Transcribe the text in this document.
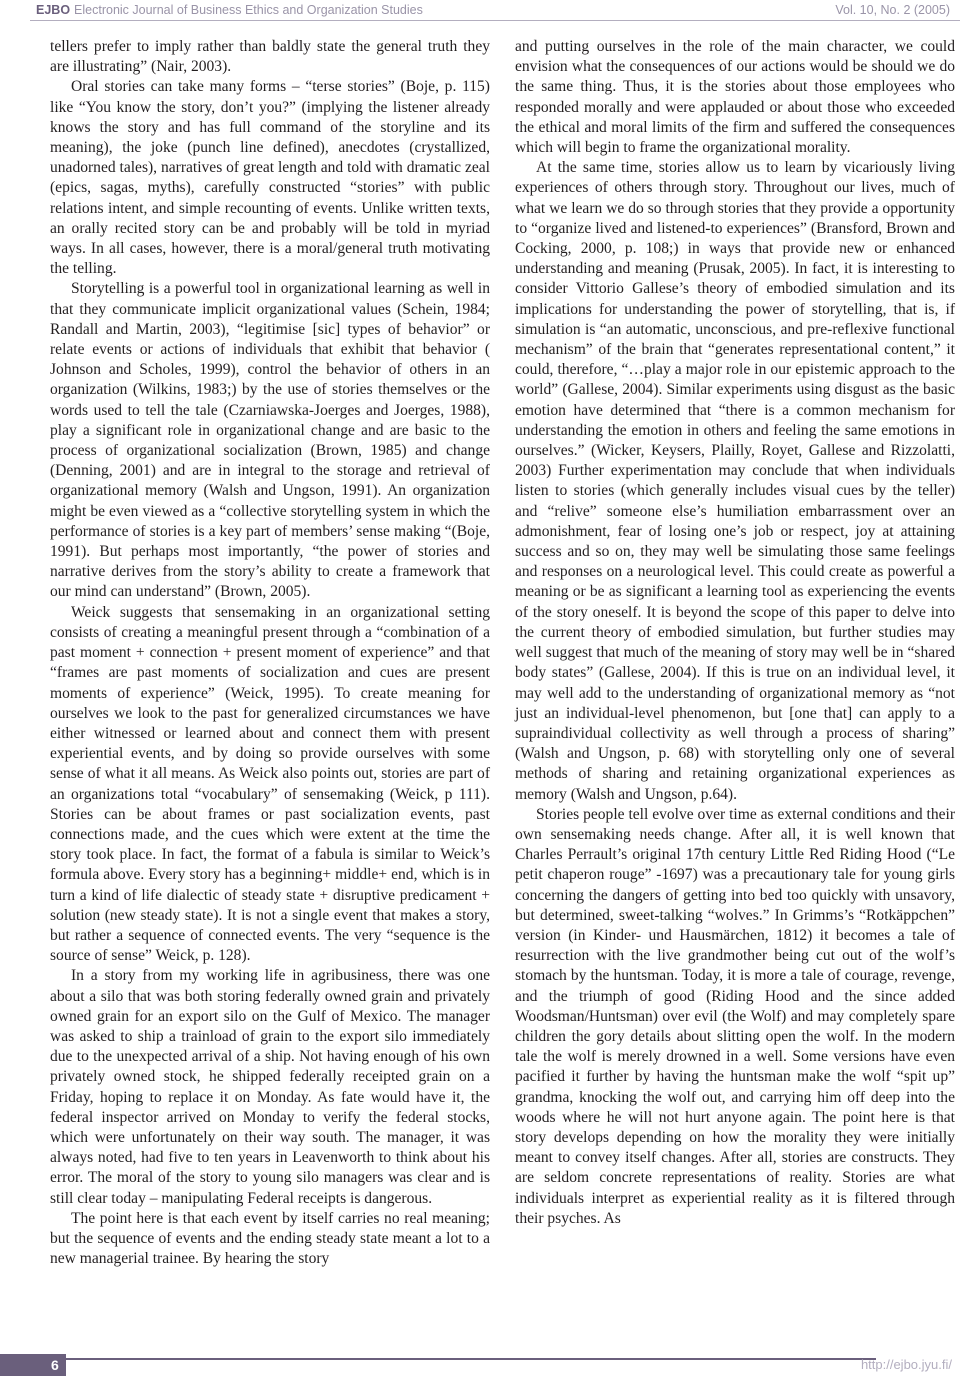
EJBO Electronic Journal of Business Ethics and Organization Studies	Vol. 10, No. 2 (2005)

tellers prefer to imply rather than baldly state the general truth they are illustrating” (Nair, 2003).

Oral stories can take many forms – “terse stories” (Boje, p. 115) like “You know the story, don’t you?” (implying the listener already knows the story and has full command of the storyline and its meaning), the joke (punch line defined), anecdotes (crystallized, unadorned tales), narratives of great length and told with dramatic zeal (epics, sagas, myths), carefully constructed “stories” with public relations intent, and simple recounting of events. Unlike written texts, an orally recited story can be and probably will be told in myriad ways. In all cases, however, there is a moral/general truth motivating the telling.

Storytelling is a powerful tool in organizational learning as well in that they communicate implicit organizational values (Schein, 1984; Randall and Martin, 2003), “legitimise [sic] types of behavior” or relate events or actions of individuals that exhibit that behavior ( Johnson and Scholes, 1999), control the behavior of others in an organization (Wilkins, 1983;) by the use of stories themselves or the words used to tell the tale (Czarniawska-Joerges and Joerges, 1988), play a significant role in organizational change and are basic to the process of organizational socialization (Brown, 1985) and change (Denning, 2001) and are in integral to the storage and retrieval of organizational memory (Walsh and Ungson, 1991). An organization might be even viewed as a “collective storytelling system in which the performance of stories is a key part of members’ sense making “(Boje, 1991). But perhaps most importantly, “the power of stories and narrative derives from the story’s ability to create a framework that our mind can understand” (Brown, 2005).

Weick suggests that sensemaking in an organizational setting consists of creating a meaningful present through a “combination of a past moment + connection + present moment of experience” and that “frames are past moments of socialization and cues are present moments of experience” (Weick, 1995). To create meaning for ourselves we look to the past for generalized circumstances we have either witnessed or learned about and connect them with present experiential events, and by doing so provide ourselves with some sense of what it all means. As Weick also points out, stories are part of an organizations total “vocabulary” of sensemaking (Weick, p 111). Stories can be about frames or past socialization events, past connections made, and the cues which were extent at the time the story took place. In fact, the format of a fabula is similar to Weick’s formula above. Every story has a beginning+ middle+ end, which is in turn a kind of life dialectic of steady state + disruptive predicament + solution (new steady state). It is not a single event that makes a story, but rather a sequence of connected events. The very “sequence is the source of sense” Weick, p. 128).

In a story from my working life in agribusiness, there was one about a silo that was both storing federally owned grain and privately owned grain for an export silo on the Gulf of Mexico. The manager was asked to ship a trainload of grain to the export silo immediately due to the unexpected arrival of a ship. Not having enough of his own privately owned stock, he shipped federally receipted grain on a Friday, hoping to replace it on Monday. As fate would have it, the federal inspector arrived on Monday to verify the federal stocks, which were unfortunately on their way south. The manager, it was always noted, had five to ten years in Leavenworth to think about his error. The moral of the story to young silo managers was clear and is still clear today – manipulating Federal receipts is dangerous.

The point here is that each event by itself carries no real meaning; but the sequence of events and the ending steady state meant a lot to a new managerial trainee. By hearing the story

and putting ourselves in the role of the main character, we could envision what the consequences of our actions would be should we do the same thing. Thus, it is the stories about those employees who responded morally and were applauded or about those who exceeded the ethical and moral limits of the firm and suffered the consequences which will begin to frame the organizational morality.

At the same time, stories allow us to learn by vicariously living experiences of others through story. Throughout our lives, much of what we learn we do so through stories that they provide a opportunity to “organize lived and listened-to experiences” (Bransford, Brown and Cocking, 2000, p. 108;) in ways that provide new or enhanced understanding and meaning (Prusak, 2005). In fact, it is interesting to consider Vittorio Gallese’s theory of embodied simulation and its implications for understanding the power of storytelling, that is, if simulation is “an automatic, unconscious, and pre-reflexive functional mechanism” of the brain that “generates representational content,” it could, therefore, “…play a major role in our epistemic approach to the world” (Gallese, 2004). Similar experiments using disgust as the basic emotion have determined that “there is a common mechanism for understanding the emotion in others and feeling the same emotions in ourselves.” (Wicker, Keysers, Plailly, Royet, Gallese and Rizzolatti, 2003) Further experimentation may conclude that when individuals listen to stories (which generally includes visual cues by the teller) and “relive” someone else’s humiliation embarrassment over an admonishment, fear of losing one’s job or respect, joy at attaining success and so on, they may well be simulating those same feelings and responses on a neurological level. This could create as powerful a meaning or be as significant a learning tool as experiencing the events of the story oneself. It is beyond the scope of this paper to delve into the current theory of embodied simulation, but further studies may well suggest that much of the meaning of story may well be in “shared body states” (Gallese, 2004). If this is true on an individual level, it may well add to the understanding of organizational memory as “not just an individual-level phenomenon, but [one that] can apply to a supraindividual collectivity as well through a process of sharing” (Walsh and Ungson, p. 68) with storytelling only one of several methods of sharing and retaining organizational experiences as memory (Walsh and Ungson, p.64).

Stories people tell evolve over time as external conditions and their own sensemaking needs change. After all, it is well known that Charles Perrault’s original 17th century Little Red Riding Hood (“Le petit chaperon rouge” -1697) was a precautionary tale for young girls concerning the dangers of getting into bed too quickly with unsavory, but determined, sweet-talking “wolves.” In Grimms’s “Rotkäppchen” version (in Kinder- und Hausmärchen, 1812) it becomes a tale of resurrection with the live grandmother being cut out of the wolf’s stomach by the huntsman. Today, it is more a tale of courage, revenge, and the triumph of good (Riding Hood and the since added Woodsman/Huntsman) over evil (the Wolf) and may completely spare children the gory details about slitting open the wolf. In the modern tale the wolf is merely drowned in a well. Some versions have even pacified it further by having the huntsman make the wolf “spit up” grandma, knocking the wolf out, and carrying him off deep into the woods where he will not hurt anyone again. The point here is that story develops depending on how the morality they were initially meant to convey itself changes. After all, stories are constructs. They are seldom concrete representations of reality. Stories are what individuals interpret as experiential reality as it is filtered through their psyches. As

6	http://ejbo.jyu.fi/
